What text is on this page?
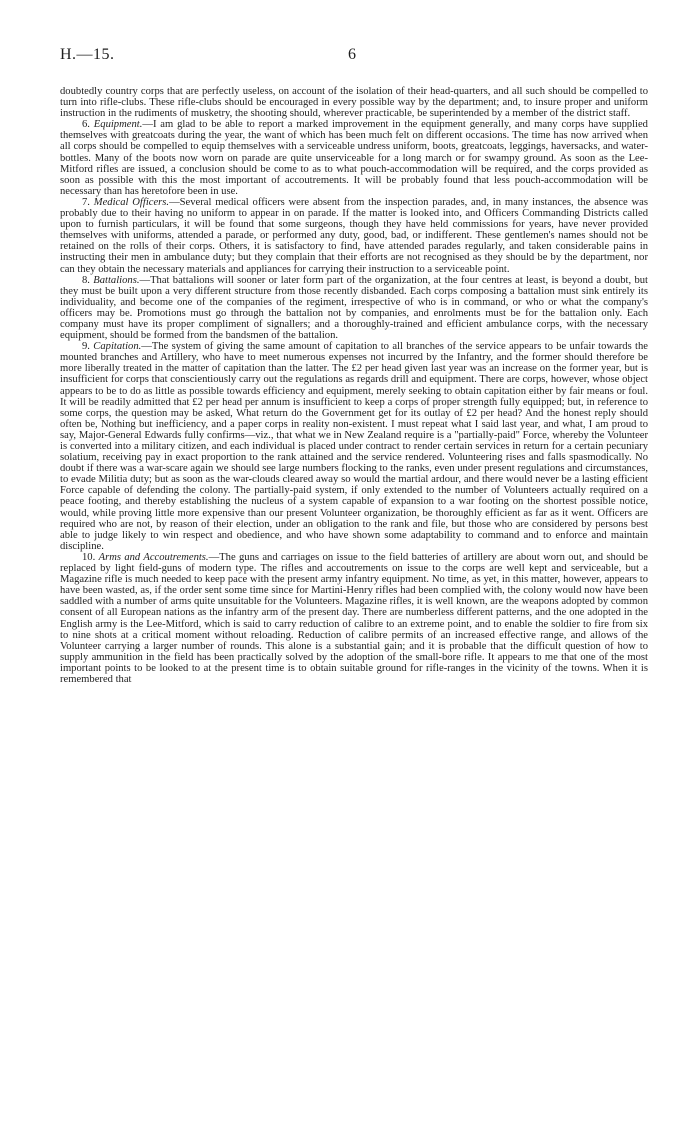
H.—15.	6

doubtedly country corps that are perfectly useless, on account of the isolation of their head-quarters, and all such should be compelled to turn into rifle-clubs. These rifle-clubs should be encouraged in every possible way by the department; and, to insure proper and uniform instruction in the rudiments of musketry, the shooting should, wherever practicable, be superintended by a member of the district staff.

6. Equipment.—I am glad to be able to report a marked improvement in the equipment generally, and many corps have supplied themselves with greatcoats during the year, the want of which has been much felt on different occasions. The time has now arrived when all corps should be compelled to equip themselves with a serviceable undress uniform, boots, greatcoats, leggings, haversacks, and water-bottles. Many of the boots now worn on parade are quite unserviceable for a long march or for swampy ground. As soon as the Lee-Mitford rifles are issued, a conclusion should be come to as to what pouch-accommodation will be required, and the corps provided as soon as possible with this the most important of accoutrements. It will be probably found that less pouch-accommodation will be necessary than has heretofore been in use.

7. Medical Officers.—Several medical officers were absent from the inspection parades, and, in many instances, the absence was probably due to their having no uniform to appear in on parade. If the matter is looked into, and Officers Commanding Districts called upon to furnish particulars, it will be found that some surgeons, though they have held commissions for years, have never provided themselves with uniforms, attended a parade, or performed any duty, good, bad, or indifferent. These gentlemen's names should not be retained on the rolls of their corps. Others, it is satisfactory to find, have attended parades regularly, and taken considerable pains in instructing their men in ambulance duty; but they complain that their efforts are not recognised as they should be by the department, nor can they obtain the necessary materials and appliances for carrying their instruction to a serviceable point.

8. Battalions.—That battalions will sooner or later form part of the organization, at the four centres at least, is beyond a doubt, but they must be built upon a very different structure from those recently disbanded. Each corps composing a battalion must sink entirely its individuality, and become one of the companies of the regiment, irrespective of who is in command, or who or what the company's officers may be. Promotions must go through the battalion not by companies, and enrolments must be for the battalion only. Each company must have its proper compliment of signallers; and a thoroughly-trained and efficient ambulance corps, with the necessary equipment, should be formed from the bandsmen of the battalion.

9. Capitation.—The system of giving the same amount of capitation to all branches of the service appears to be unfair towards the mounted branches and Artillery, who have to meet numerous expenses not incurred by the Infantry, and the former should therefore be more liberally treated in the matter of capitation than the latter. The £2 per head given last year was an increase on the former year, but is insufficient for corps that conscientiously carry out the regulations as regards drill and equipment. There are corps, however, whose object appears to be to do as little as possible towards efficiency and equipment, merely seeking to obtain capitation either by fair means or foul. It will be readily admitted that £2 per head per annum is insufficient to keep a corps of proper strength fully equipped; but, in reference to some corps, the question may be asked, What return do the Government get for its outlay of £2 per head? And the honest reply should often be, Nothing but inefficiency, and a paper corps in reality non-existent. I must repeat what I said last year, and what, I am proud to say, Major-General Edwards fully confirms—viz., that what we in New Zealand require is a "partially-paid" Force, whereby the Volunteer is converted into a military citizen, and each individual is placed under contract to render certain services in return for a certain pecuniary solatium, receiving pay in exact proportion to the rank attained and the service rendered. Volunteering rises and falls spasmodically. No doubt if there was a war-scare again we should see large numbers flocking to the ranks, even under present regulations and circumstances, to evade Militia duty; but as soon as the war-clouds cleared away so would the martial ardour, and there would never be a lasting efficient Force capable of defending the colony. The partially-paid system, if only extended to the number of Volunteers actually required on a peace footing, and thereby establishing the nucleus of a system capable of expansion to a war footing on the shortest possible notice, would, while proving little more expensive than our present Volunteer organization, be thoroughly efficient as far as it went. Officers are required who are not, by reason of their election, under an obligation to the rank and file, but those who are considered by persons best able to judge likely to win respect and obedience, and who have shown some adaptability to command and to enforce and maintain discipline.

10. Arms and Accoutrements.—The guns and carriages on issue to the field batteries of artillery are about worn out, and should be replaced by light field-guns of modern type. The rifles and accoutrements on issue to the corps are well kept and serviceable, but a Magazine rifle is much needed to keep pace with the present army infantry equipment. No time, as yet, in this matter, however, appears to have been wasted, as, if the order sent some time since for Martini-Henry rifles had been complied with, the colony would now have been saddled with a number of arms quite unsuitable for the Volunteers. Magazine rifles, it is well known, are the weapons adopted by common consent of all European nations as the infantry arm of the present day. There are numberless different patterns, and the one adopted in the English army is the Lee-Mitford, which is said to carry reduction of calibre to an extreme point, and to enable the soldier to fire from six to nine shots at a critical moment without reloading. Reduction of calibre permits of an increased effective range, and allows of the Volunteer carrying a larger number of rounds. This alone is a substantial gain; and it is probable that the difficult question of how to supply ammunition in the field has been practically solved by the adoption of the small-bore rifle. It appears to me that one of the most important points to be looked to at the present time is to obtain suitable ground for rifle-ranges in the vicinity of the towns. When it is remembered that
